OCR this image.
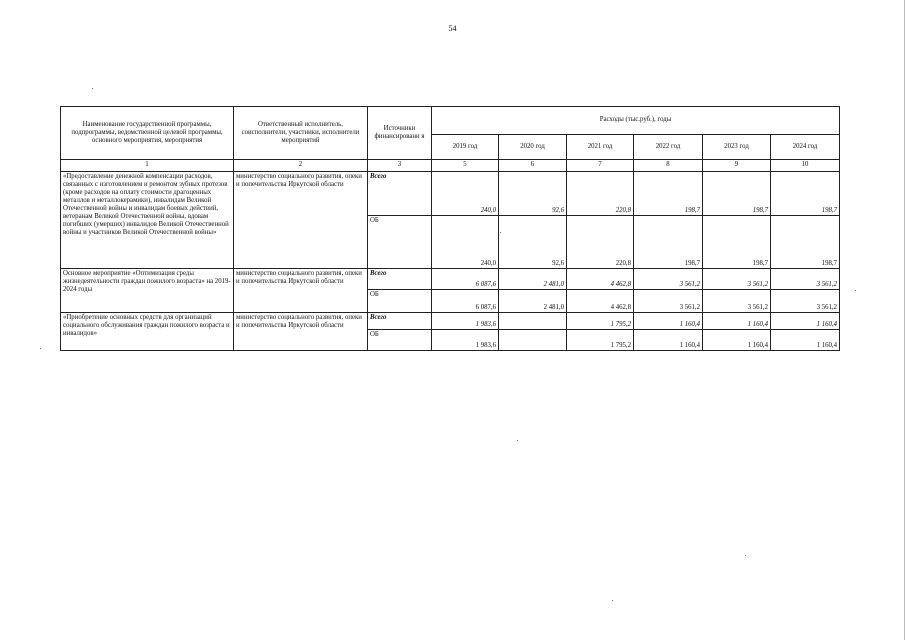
54
Наименование государственной программы, подпрограммы, ведомственной целевой программы, основного мероприятия, мероприятия	Ответственный исполнитель, соисполнители, участники, исполнители мероприятий	Источники финансировани я	Расходы (тыс.руб.), годы					
			2019 год	2020 год	2021 год	2022 год	2023 год	2024 год
1	2	3	5	6	7	8	9	10
«Предоставление денежной компенсации расходов, связанных с изготовлением и ремонтом зубных протезов (кроме расходов на оплату стоимости драгоценных металлов и металлокерамики), инвалидам Великой Отечественной войны и инвалидам боевых действий, ветеранам Великой Отечественной войны, вдовам погибших (умерших) инвалидов Великой Отечественной войны и участников Великой Отечественной войны»	министерство социального развития, опеки и попечительства Иркутской области	Всего	240,0	92,6	220,8	198,7	198,7	198,7
		ОБ	240,0	92,6	220,8	198,7	198,7	198,7
Основное мероприятие «Оптимизация среды жизнедеятельности граждан пожилого возраста» на 2019-2024 годы	министерство социального развития, опеки и попечительства Иркутской области	Всего	6 087,6	2 481,0	4 462,8	3 561,2	3 561,2	3 561,2
		ОБ	6 087,6	2 481,0	4 462,8	3 561,2	3 561,2	3 561,2
«Приобретение основных средств для организаций социального обслуживания граждан пожилого возраста и инвалидов»	министерство социального развития, опеки и попечительства Иркутской области	Всего	1 983,6		1 795,2	1 160,4	1 160,4	1 160,4
		ОБ	1 983,6		1 795,2	1 160,4	1 160,4	1 160,4
